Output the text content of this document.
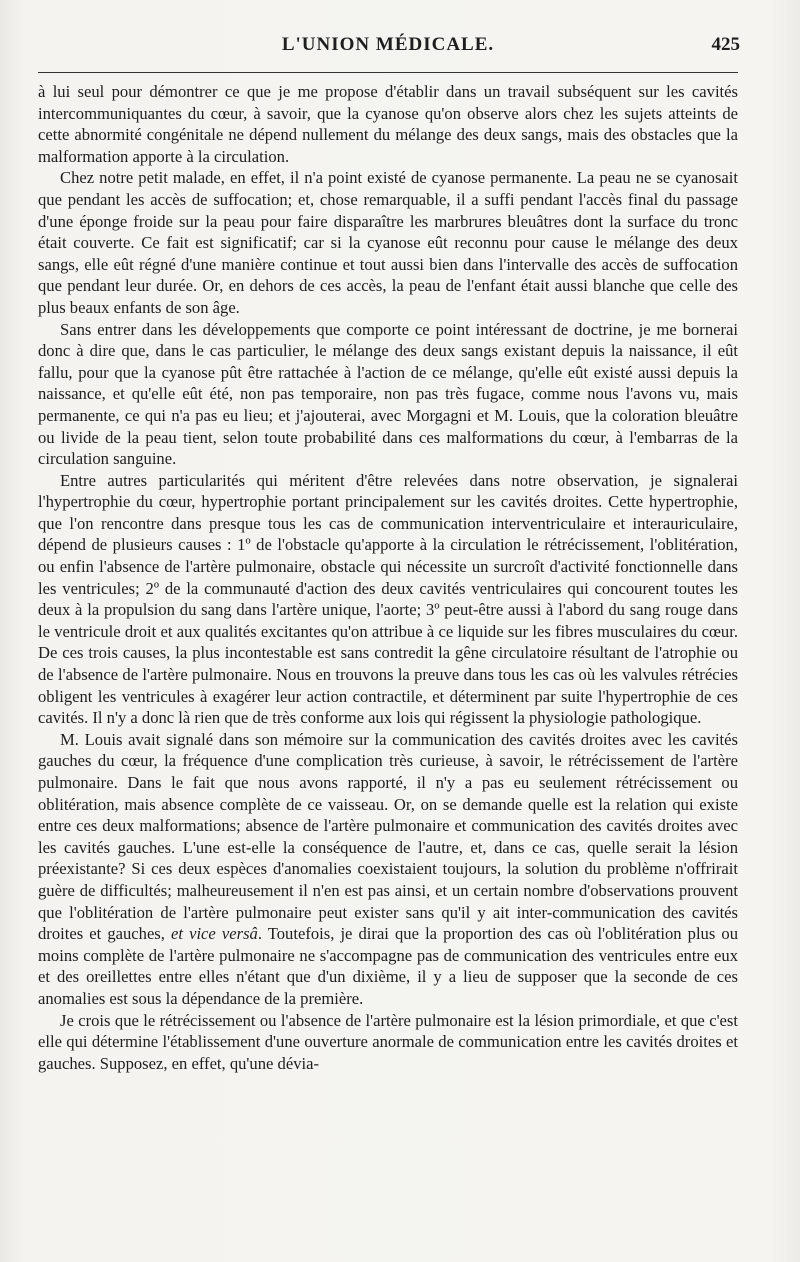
L'UNION MÉDICALE.	425

à lui seul pour démontrer ce que je me propose d'établir dans un travail subséquent sur les cavités intercommuniquantes du cœur, à savoir, que la cyanose qu'on observe alors chez les sujets atteints de cette abnormité congénitale ne dépend nullement du mélange des deux sangs, mais des obstacles que la malformation apporte à la circulation.

Chez notre petit malade, en effet, il n'a point existé de cyanose permanente. La peau ne se cyanosait que pendant les accès de suffocation; et, chose remarquable, il a suffi pendant l'accès final du passage d'une éponge froide sur la peau pour faire disparaître les marbrures bleuâtres dont la surface du tronc était couverte. Ce fait est significatif; car si la cyanose eût reconnu pour cause le mélange des deux sangs, elle eût régné d'une manière continue et tout aussi bien dans l'intervalle des accès de suffocation que pendant leur durée. Or, en dehors de ces accès, la peau de l'enfant était aussi blanche que celle des plus beaux enfants de son âge.

Sans entrer dans les développements que comporte ce point intéressant de doctrine, je me bornerai donc à dire que, dans le cas particulier, le mélange des deux sangs existant depuis la naissance, il eût fallu, pour que la cyanose pût être rattachée à l'action de ce mélange, qu'elle eût existé aussi depuis la naissance, et qu'elle eût été, non pas temporaire, non pas très fugace, comme nous l'avons vu, mais permanente, ce qui n'a pas eu lieu; et j'ajouterai, avec Morgagni et M. Louis, que la coloration bleuâtre ou livide de la peau tient, selon toute probabilité dans ces malformations du cœur, à l'embarras de la circulation sanguine.

Entre autres particularités qui méritent d'être relevées dans notre observation, je signalerai l'hypertrophie du cœur, hypertrophie portant principalement sur les cavités droites. Cette hypertrophie, que l'on rencontre dans presque tous les cas de communication interventriculaire et interauriculaire, dépend de plusieurs causes : 1º de l'obstacle qu'apporte à la circulation le rétrécissement, l'oblitération, ou enfin l'absence de l'artère pulmonaire, obstacle qui nécessite un surcroît d'activité fonctionnelle dans les ventricules; 2º de la communauté d'action des deux cavités ventriculaires qui concourent toutes les deux à la propulsion du sang dans l'artère unique, l'aorte; 3º peut-être aussi à l'abord du sang rouge dans le ventricule droit et aux qualités excitantes qu'on attribue à ce liquide sur les fibres musculaires du cœur. De ces trois causes, la plus incontestable est sans contredit la gêne circulatoire résultant de l'atrophie ou de l'absence de l'artère pulmonaire. Nous en trouvons la preuve dans tous les cas où les valvules rétrécies obligent les ventricules à exagérer leur action contractile, et déterminent par suite l'hypertrophie de ces cavités. Il n'y a donc là rien que de très conforme aux lois qui régissent la physiologie pathologique.

M. Louis avait signalé dans son mémoire sur la communication des cavités droites avec les cavités gauches du cœur, la fréquence d'une complication très curieuse, à savoir, le rétrécissement de l'artère pulmonaire. Dans le fait que nous avons rapporté, il n'y a pas eu seulement rétrécissement ou oblitération, mais absence complète de ce vaisseau. Or, on se demande quelle est la relation qui existe entre ces deux malformations; absence de l'artère pulmonaire et communication des cavités droites avec les cavités gauches. L'une est-elle la conséquence de l'autre, et, dans ce cas, quelle serait la lésion préexistante? Si ces deux espèces d'anomalies coexistaient toujours, la solution du problème n'offrirait guère de difficultés; malheureusement il n'en est pas ainsi, et un certain nombre d'observations prouvent que l'oblitération de l'artère pulmonaire peut exister sans qu'il y ait inter-communication des cavités droites et gauches, et vice versâ. Toutefois, je dirai que la proportion des cas où l'oblitération plus ou moins complète de l'artère pulmonaire ne s'accompagne pas de communication des ventricules entre eux et des oreillettes entre elles n'étant que d'un dixième, il y a lieu de supposer que la seconde de ces anomalies est sous la dépendance de la première.

Je crois que le rétrécissement ou l'absence de l'artère pulmonaire est la lésion primordiale, et que c'est elle qui détermine l'établissement d'une ouverture anormale de communication entre les cavités droites et gauches. Supposez, en effet, qu'une dévia-
